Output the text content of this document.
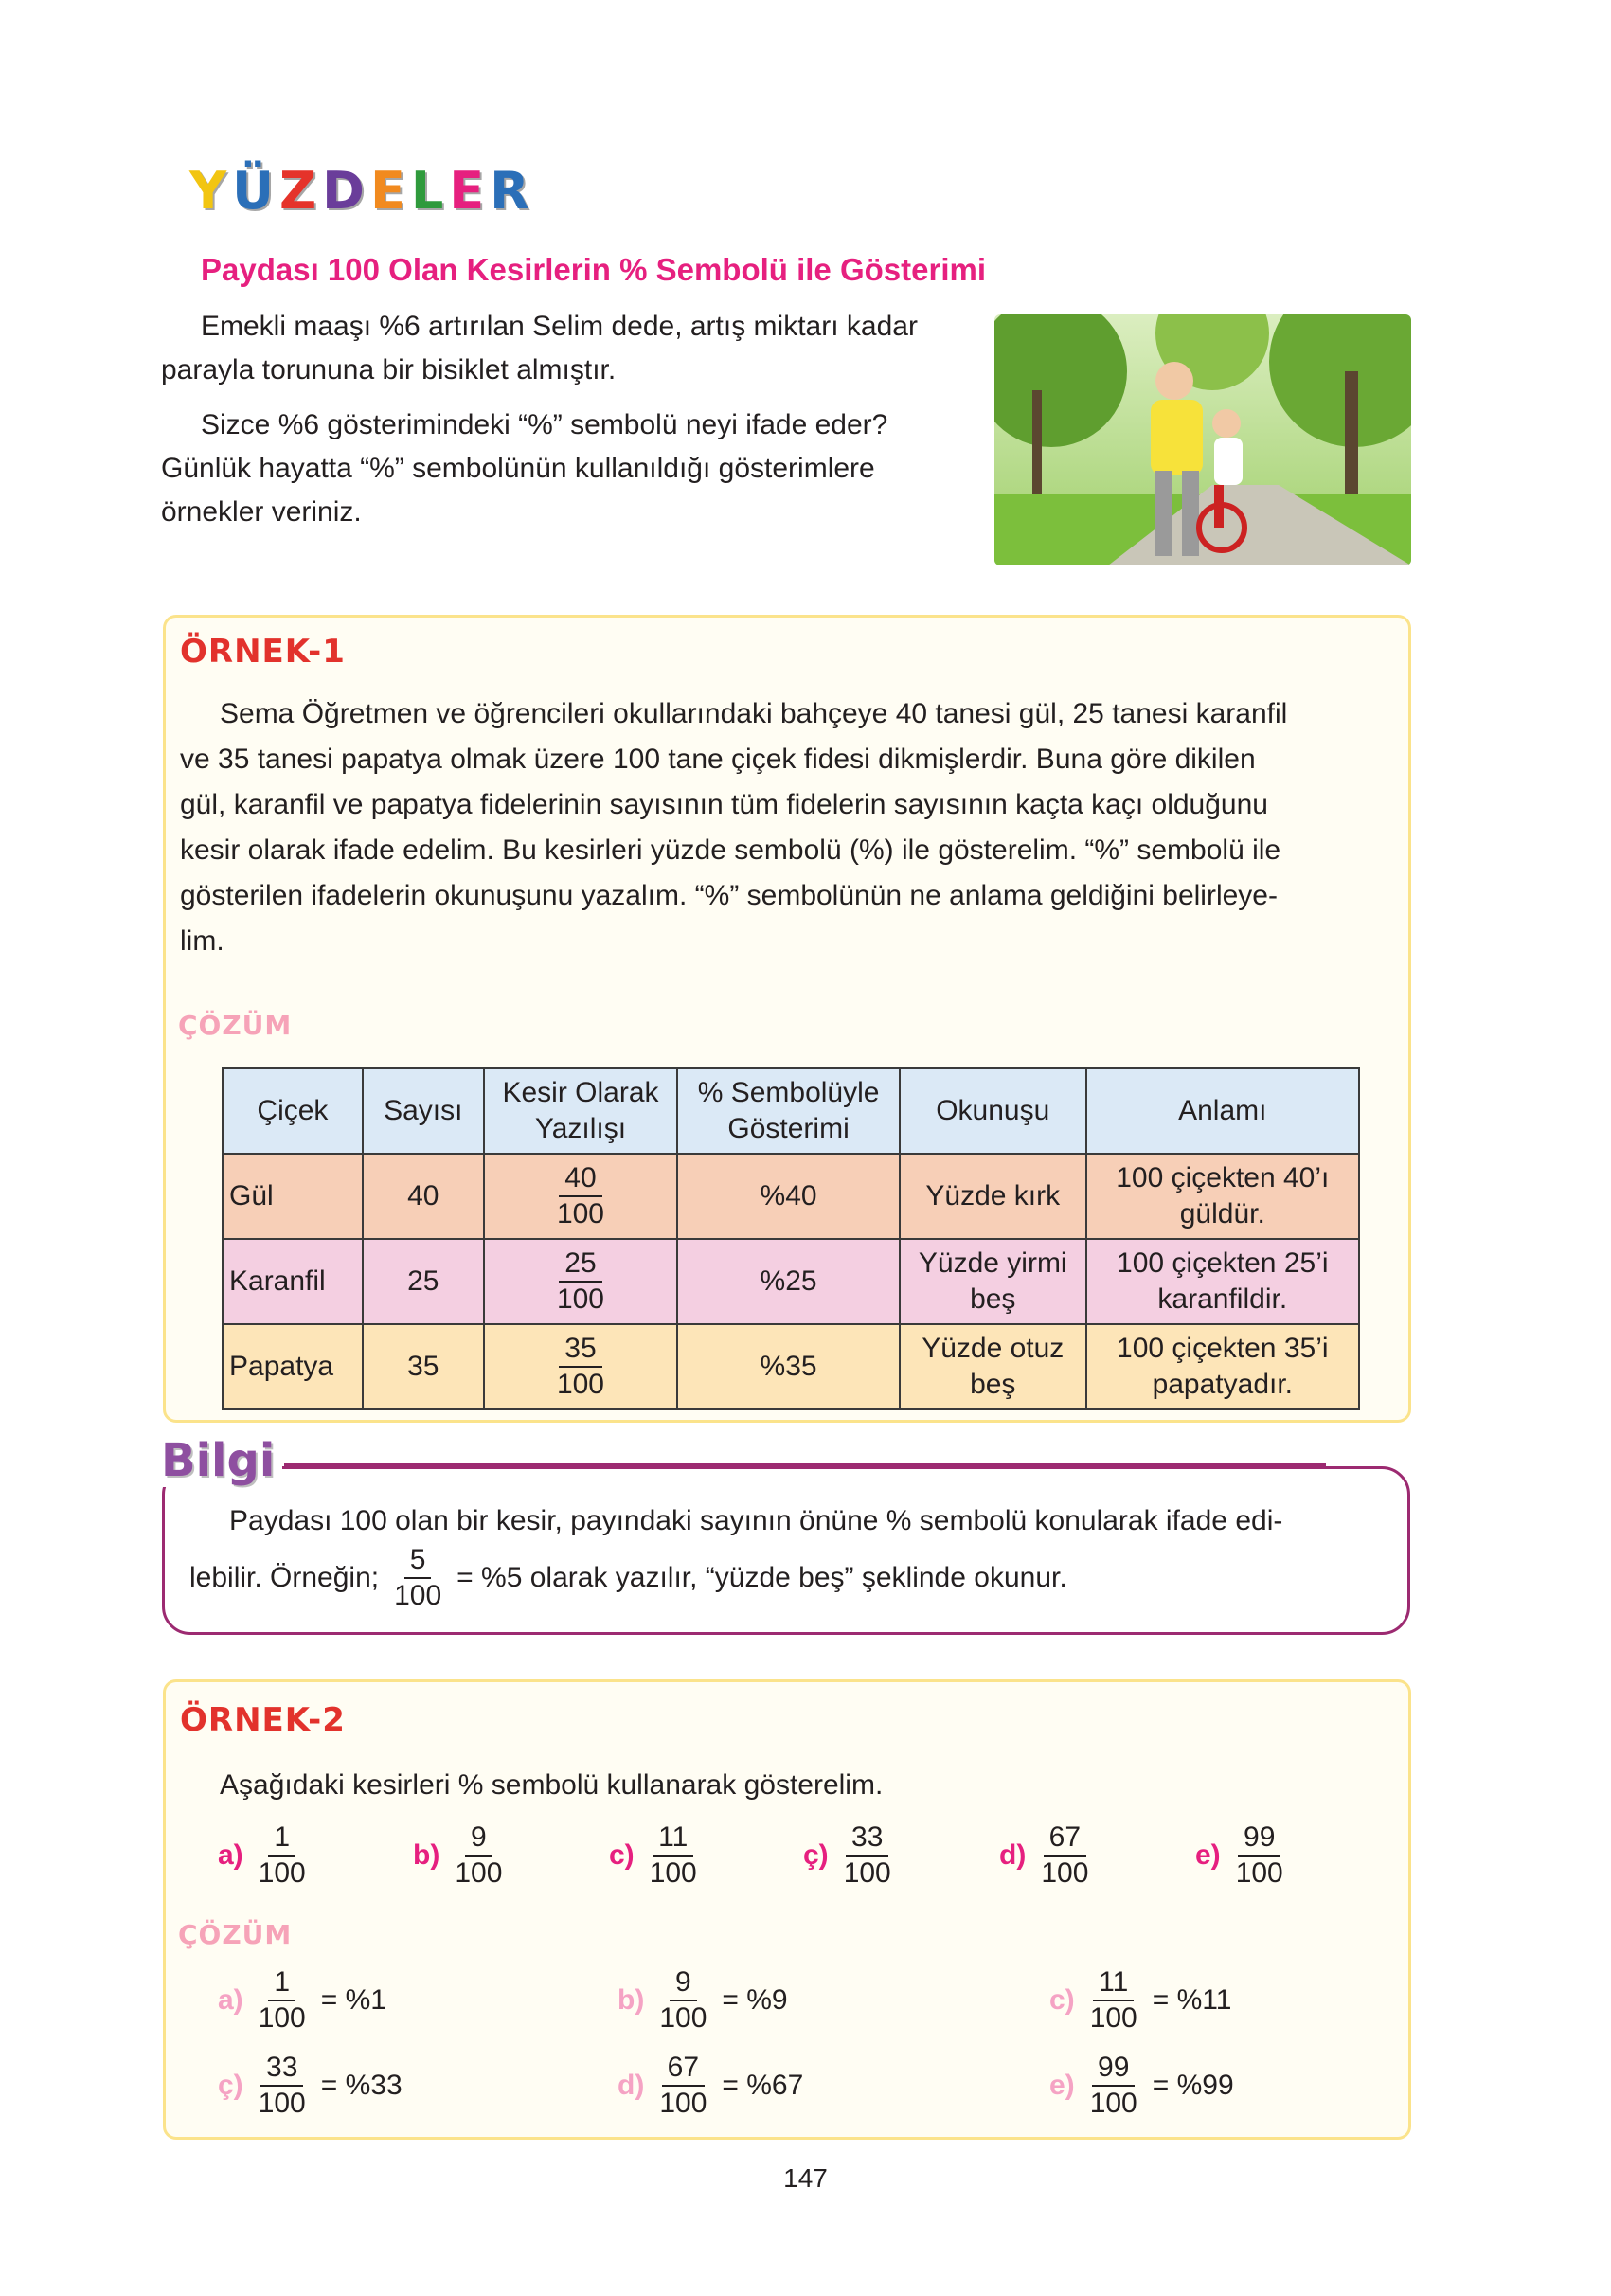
Y Ü Z D E L E R
Paydası 100 Olan Kesirlerin % Sembolü ile Gösterimi

Emekli maaşı %6 artırılan Selim dede, artış miktarı kadar

parayla torununa bir bisiklet almıştır.

Sizce %6 gösterimindeki “%” sembolü neyi ifade eder?

Günlük hayatta “%” sembolünün kullanıldığı gösterimlere

örnekler veriniz.

ÖRNEK-1

Sema Öğretmen ve öğrencileri okullarındaki bahçeye 40 tanesi gül, 25 tanesi karanfil

ve 35 tanesi papatya olmak üzere 100 tane çiçek fidesi dikmişlerdir. Buna göre dikilen

gül, karanfil ve papatya fidelerinin sayısının tüm fidelerin sayısının kaçta kaçı olduğunu

kesir olarak ifade edelim. Bu kesirleri yüzde sembolü (%) ile gösterelim. “%” sembolü ile

gösterilen ifadelerin okunuşunu yazalım. “%” sembolünün ne anlama geldiğini belirleye-

lim.

ÇÖZÜM
Çiçek	Sayısı	Kesir Olarak Yazılışı	% Sembolüyle Gösterimi	Okunuşu	Anlamı
Gül	40	$\frac{40}{100}$	%40	Yüzde kırk	100 çiçekten 40’ı güldür.
Karanfil	25	$\frac{25}{100}$	%25	Yüzde yirmi beş	100 çiçekten 25’i karanfildir.
Papatya	35	$\frac{35}{100}$	%35	Yüzde otuz beş	100 çiçekten 35’i papatyadır.
Bilgi

Paydası 100 olan bir kesir, payındaki sayının önüne % sembolü konularak ifade edi-

lebilir. Örneğin; $\frac{5}{100} = \%5$ olarak yazılır, “yüzde beş” şeklinde okunur.

ÖRNEK-2
Aşağıdaki kesirleri % sembolü kullanarak gösterelim.
$a) \frac{1}{100}$	$b) \frac{9}{100}$	$c) \frac{11}{100}$	ç) $\frac{33}{100}$	$d) \frac{67}{100}$	$e) \frac{99}{100}$
ÇÖZÜM
$a) \frac{1}{100} = \%1$	$b) \frac{9}{100} = \%9$	$c) \frac{11}{100} = \%11$
ç) $\frac{33}{100} = \%33$	$d) \frac{67}{100} = \%67$	$e) \frac{99}{100} = \%99$
147
